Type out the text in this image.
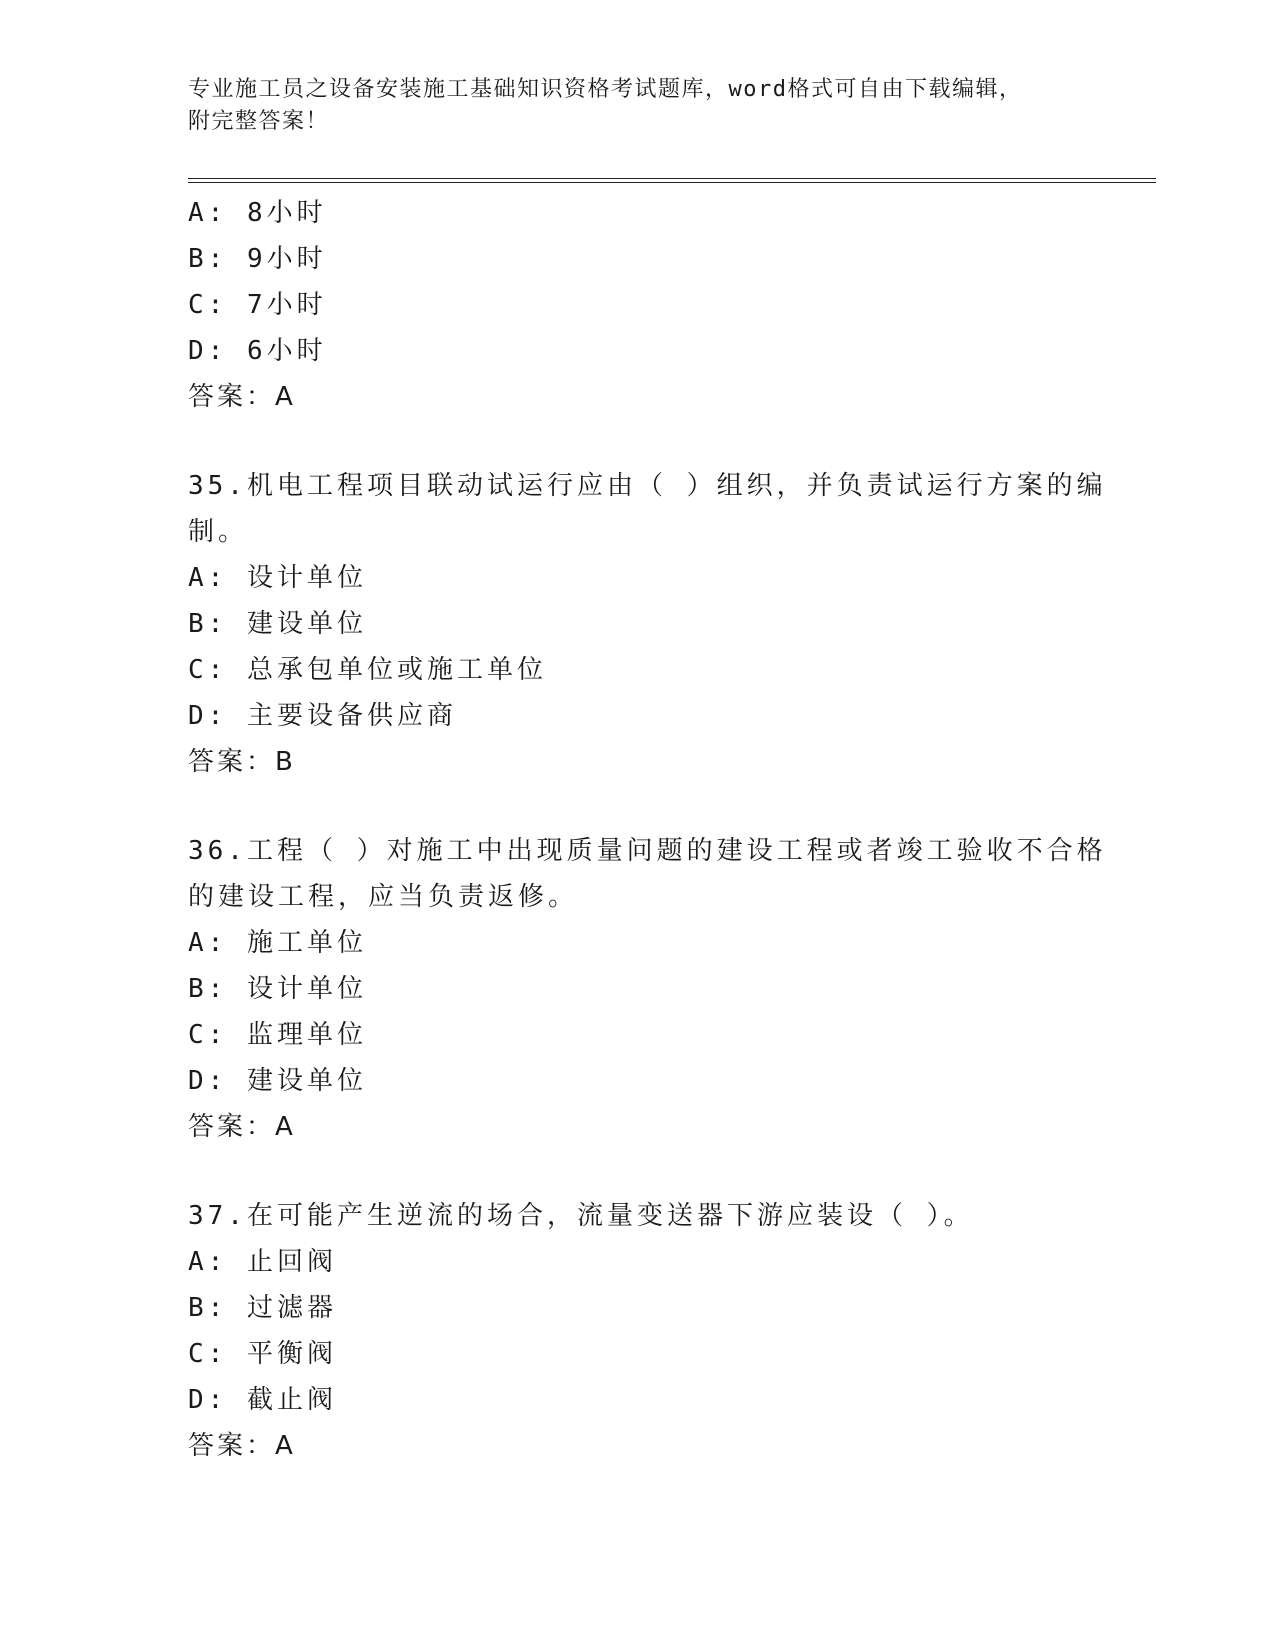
专业施工员之设备安装施工基础知识资格考试题库，word格式可自由下载编辑，
附完整答案！
A: 8小时
B: 9小时
C: 7小时
D: 6小时
答案：A
35.机电工程项目联动试运行应由（ ）组织，并负责试运行方案的编
制。
A: 设计单位
B: 建设单位
C: 总承包单位或施工单位
D: 主要设备供应商
答案：B
36.工程（ ）对施工中出现质量问题的建设工程或者竣工验收不合格
的建设工程，应当负责返修。
A: 施工单位
B: 设计单位
C: 监理单位
D: 建设单位
答案：A
37.在可能产生逆流的场合，流量变送器下游应装设（ ）。
A: 止回阀
B: 过滤器
C: 平衡阀
D: 截止阀
答案：A
